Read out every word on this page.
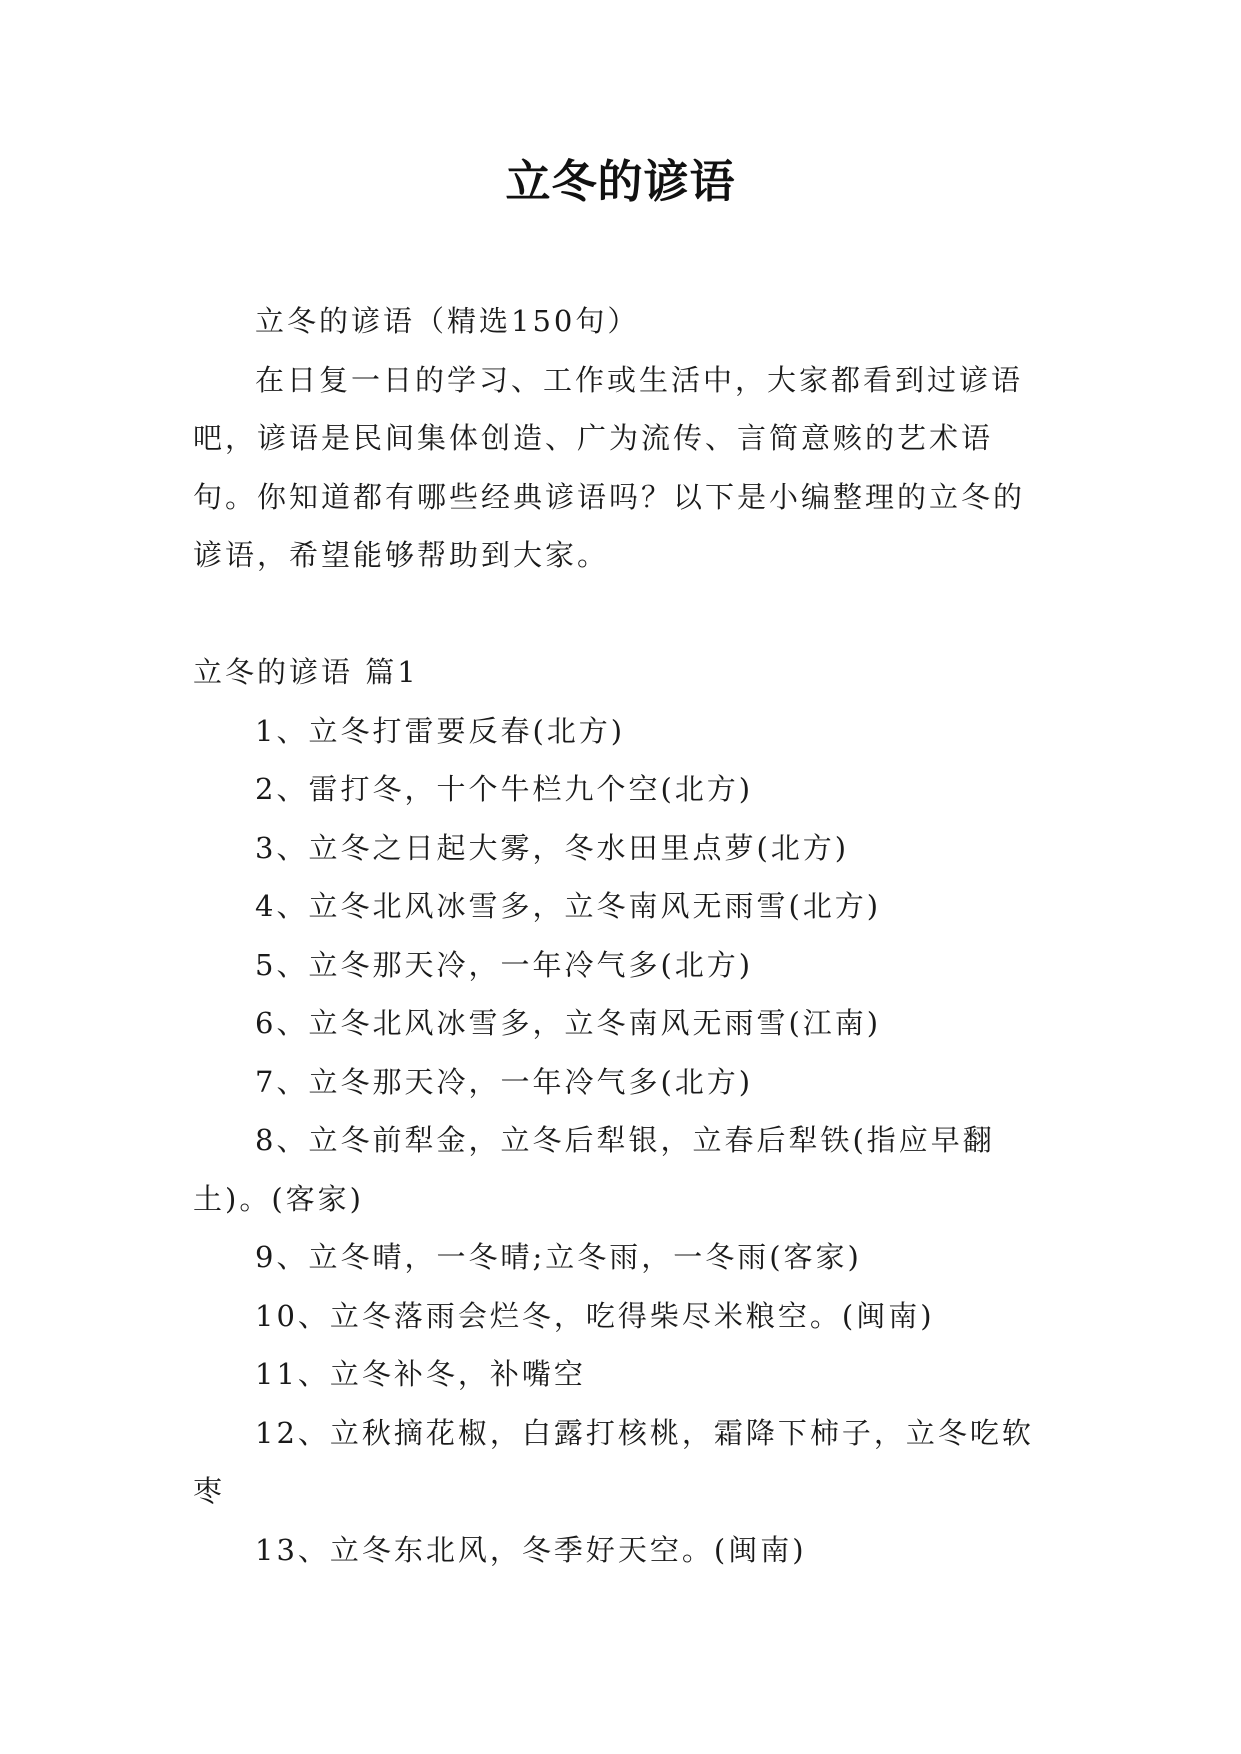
立冬的谚语

立冬的谚语（精选150句）

在日复一日的学习、工作或生活中，大家都看到过谚语吧，谚语是民间集体创造、广为流传、言简意赅的艺术语句。你知道都有哪些经典谚语吗？以下是小编整理的立冬的谚语，希望能够帮助到大家。

立冬的谚语 篇1

1、立冬打雷要反春(北方)

2、雷打冬，十个牛栏九个空(北方)

3、立冬之日起大雾，冬水田里点萝(北方)

4、立冬北风冰雪多，立冬南风无雨雪(北方)

5、立冬那天冷，一年冷气多(北方)

6、立冬北风冰雪多，立冬南风无雨雪(江南)

7、立冬那天冷，一年冷气多(北方)

8、立冬前犁金，立冬后犁银，立春后犁铁(指应早翻土)。(客家)

9、立冬晴，一冬晴;立冬雨，一冬雨(客家)

10、立冬落雨会烂冬，吃得柴尽米粮空。(闽南)

11、立冬补冬，补嘴空

12、立秋摘花椒，白露打核桃，霜降下柿子，立冬吃软枣

13、立冬东北风，冬季好天空。(闽南)
